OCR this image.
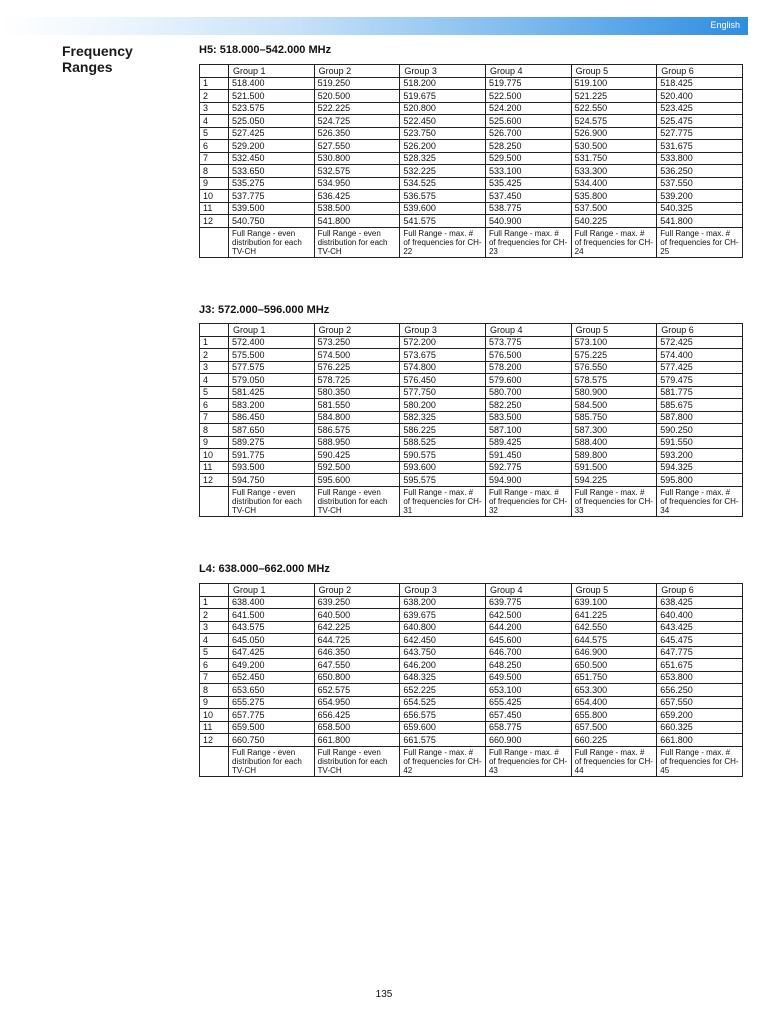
English
Frequency Ranges
H5: 518.000–542.000 MHz
	Group 1	Group 2	Group 3	Group 4	Group 5	Group 6
1	518.400	519.250	518.200	519.775	519.100	518.425
2	521.500	520.500	519.675	522.500	521.225	520.400
3	523.575	522.225	520.800	524.200	522.550	523.425
4	525.050	524.725	522.450	525.600	524.575	525.475
5	527.425	526.350	523.750	526.700	526.900	527.775
6	529.200	527.550	526.200	528.250	530.500	531.675
7	532.450	530.800	528.325	529.500	531.750	533.800
8	533.650	532.575	532.225	533.100	533.300	536.250
9	535.275	534.950	534.525	535.425	534.400	537.550
10	537.775	536.425	536.575	537.450	535.800	539.200
11	539.500	538.500	539.600	538.775	537.500	540.325
12	540.750	541.800	541.575	540.900	540.225	541.800
	Full Range - even distribution for each TV-CH	Full Range - even distribution for each TV-CH	Full Range - max. # of frequencies for CH- 22	Full Range - max. # of frequencies for CH- 23	Full Range - max. # of frequencies for CH- 24	Full Range - max. # of frequencies for CH- 25
J3: 572.000–596.000 MHz
	Group 1	Group 2	Group 3	Group 4	Group 5	Group 6
1	572.400	573.250	572.200	573.775	573.100	572.425
2	575.500	574.500	573.675	576.500	575.225	574.400
3	577.575	576.225	574.800	578.200	576.550	577.425
4	579.050	578.725	576.450	579.600	578.575	579.475
5	581.425	580.350	577.750	580.700	580.900	581.775
6	583.200	581.550	580.200	582.250	584.500	585.675
7	586.450	584.800	582.325	583.500	585.750	587.800
8	587.650	586.575	586.225	587.100	587.300	590.250
9	589.275	588.950	588.525	589.425	588.400	591.550
10	591.775	590.425	590.575	591.450	589.800	593.200
11	593.500	592.500	593.600	592.775	591.500	594.325
12	594.750	595.600	595.575	594.900	594.225	595.800
	Full Range - even distribution for each TV-CH	Full Range - even distribution for each TV-CH	Full Range - max. # of frequencies for CH- 31	Full Range - max. # of frequencies for CH- 32	Full Range - max. # of frequencies for CH- 33	Full Range - max. # of frequencies for CH- 34
L4: 638.000–662.000 MHz
	Group 1	Group 2	Group 3	Group 4	Group 5	Group 6
1	638.400	639.250	638.200	639.775	639.100	638.425
2	641.500	640.500	639.675	642.500	641.225	640.400
3	643.575	642.225	640.800	644.200	642.550	643.425
4	645.050	644.725	642.450	645.600	644.575	645.475
5	647.425	646.350	643.750	646.700	646.900	647.775
6	649.200	647.550	646.200	648.250	650.500	651.675
7	652.450	650.800	648.325	649.500	651.750	653.800
8	653.650	652.575	652.225	653.100	653.300	656.250
9	655.275	654.950	654.525	655.425	654.400	657.550
10	657.775	656.425	656.575	657.450	655.800	659.200
11	659.500	658.500	659.600	658.775	657.500	660.325
12	660.750	661.800	661.575	660.900	660.225	661.800
	Full Range - even distribution for each TV-CH	Full Range - even distribution for each TV-CH	Full Range - max. # of frequencies for CH- 42	Full Range - max. # of frequencies for CH- 43	Full Range - max. # of frequencies for CH- 44	Full Range - max. # of frequencies for CH- 45
135
